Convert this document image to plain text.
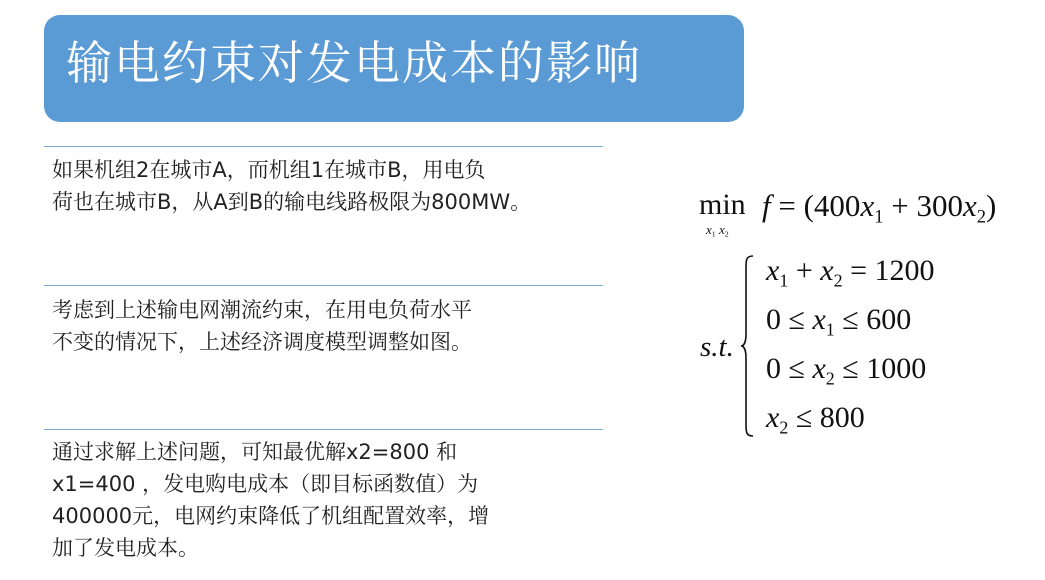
输电约束对发电成本的影响
如果机组2在城市A，而机组1在城市B，用电负
荷也在城市B，从A到B的输电线路极限为800MW。
考虑到上述输电网潮流约束，在用电负荷水平
不变的情况下，上述经济调度模型调整如图。
通过求解上述问题，可知最优解x2=800 和
x1=400 ，发电购电成本（即目标函数值）为
400000元，电网约束降低了机组配置效率，增
加了发电成本。
min
$x_1$ $x_2$
$f = (400x_1 + 300x_2)$
s.t.
$x_1 + x_2 = 1200$
$0 \le x_1 \le 600$
$0 \le x_2 \le 1000$
$x_2 \le 800$
